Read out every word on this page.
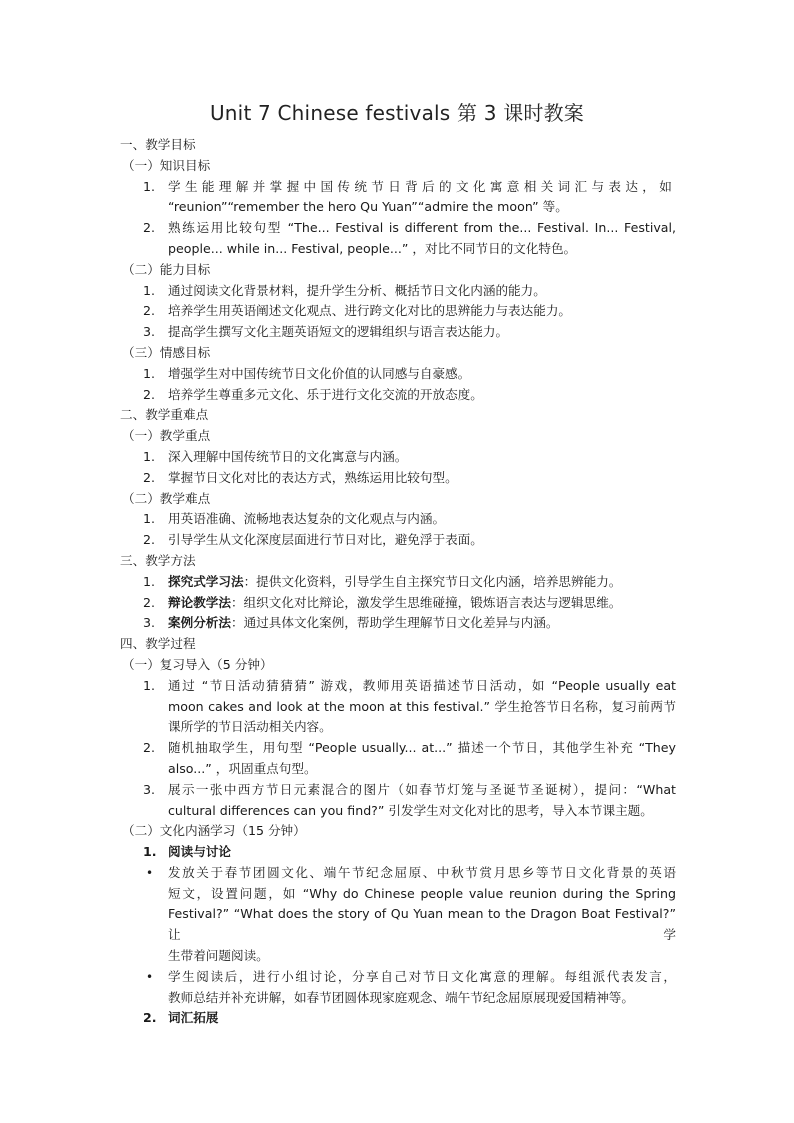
Unit 7 Chinese festivals 第 3 课时教案
一、教学目标
（一）知识目标
1.	学生能理解并掌握中国传统节日背后的文化寓意相关词汇与表达，如
“reunion”“remember the hero Qu Yuan”“admire the moon” 等。
2.	熟练运用比较句型 “The... Festival is different from the... Festival. In... Festival,
people... while in... Festival, people...” ，对比不同节日的文化特色。
（二）能力目标
1.	通过阅读文化背景材料，提升学生分析、概括节日文化内涵的能力。
2.	培养学生用英语阐述文化观点、进行跨文化对比的思辨能力与表达能力。
3.	提高学生撰写文化主题英语短文的逻辑组织与语言表达能力。
（三）情感目标
1.	增强学生对中国传统节日文化价值的认同感与自豪感。
2.	培养学生尊重多元文化、乐于进行文化交流的开放态度。
二、教学重难点
（一）教学重点
1.	深入理解中国传统节日的文化寓意与内涵。
2.	掌握节日文化对比的表达方式，熟练运用比较句型。
（二）教学难点
1.	用英语准确、流畅地表达复杂的文化观点与内涵。
2.	引导学生从文化深度层面进行节日对比，避免浮于表面。
三、教学方法
1.	探究式学习法：提供文化资料，引导学生自主探究节日文化内涵，培养思辨能力。
2.	辩论教学法：组织文化对比辩论，激发学生思维碰撞，锻炼语言表达与逻辑思维。
3.	案例分析法：通过具体文化案例，帮助学生理解节日文化差异与内涵。
四、教学过程
（一）复习导入（5 分钟）
1.	通过 “节日活动猜猜猜” 游戏，教师用英语描述节日活动，如 “People usually eat
moon cakes and look at the moon at this festival.” 学生抢答节日名称，复习前两节
课所学的节日活动相关内容。
2.	随机抽取学生，用句型 “People usually... at...” 描述一个节日，其他学生补充 “They
also...” ，巩固重点句型。
3.	展示一张中西方节日元素混合的图片（如春节灯笼与圣诞节圣诞树），提问：“What
cultural differences can you find?” 引发学生对文化对比的思考，导入本节课主题。
（二）文化内涵学习（15 分钟）
1. 阅读与讨论
•	发放关于春节团圆文化、端午节纪念屈原、中秋节赏月思乡等节日文化背景的英语
短文，设置问题，如 “Why do Chinese people value reunion during the Spring
Festival?” “What does the story of Qu Yuan mean to the Dragon Boat Festival?” 让学
生带着问题阅读。
•	学生阅读后，进行小组讨论，分享自己对节日文化寓意的理解。每组派代表发言，
教师总结并补充讲解，如春节团圆体现家庭观念、端午节纪念屈原展现爱国精神等。
2. 词汇拓展
